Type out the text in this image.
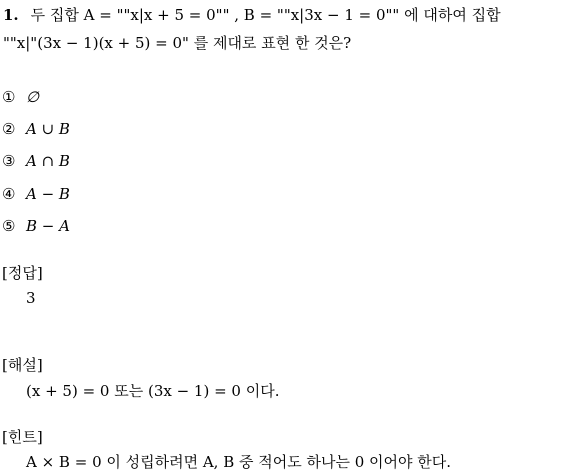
1. 두 집합 A = ""x|x + 5 = 0"" , B = ""x|3x − 1 = 0"" 에 대하여 집합
""x|"(3x − 1)(x + 5) = 0" 를 제대로 표현 한 것은?
① ∅
② A ∪ B
③ A ∩ B
④ A − B
⑤ B − A
[정답]
3
[해설]
(x + 5) = 0 또는 (3x − 1) = 0 이다.
[힌트]
A × B = 0 이 성립하려면 A, B 중 적어도 하나는 0 이어야 한다.
